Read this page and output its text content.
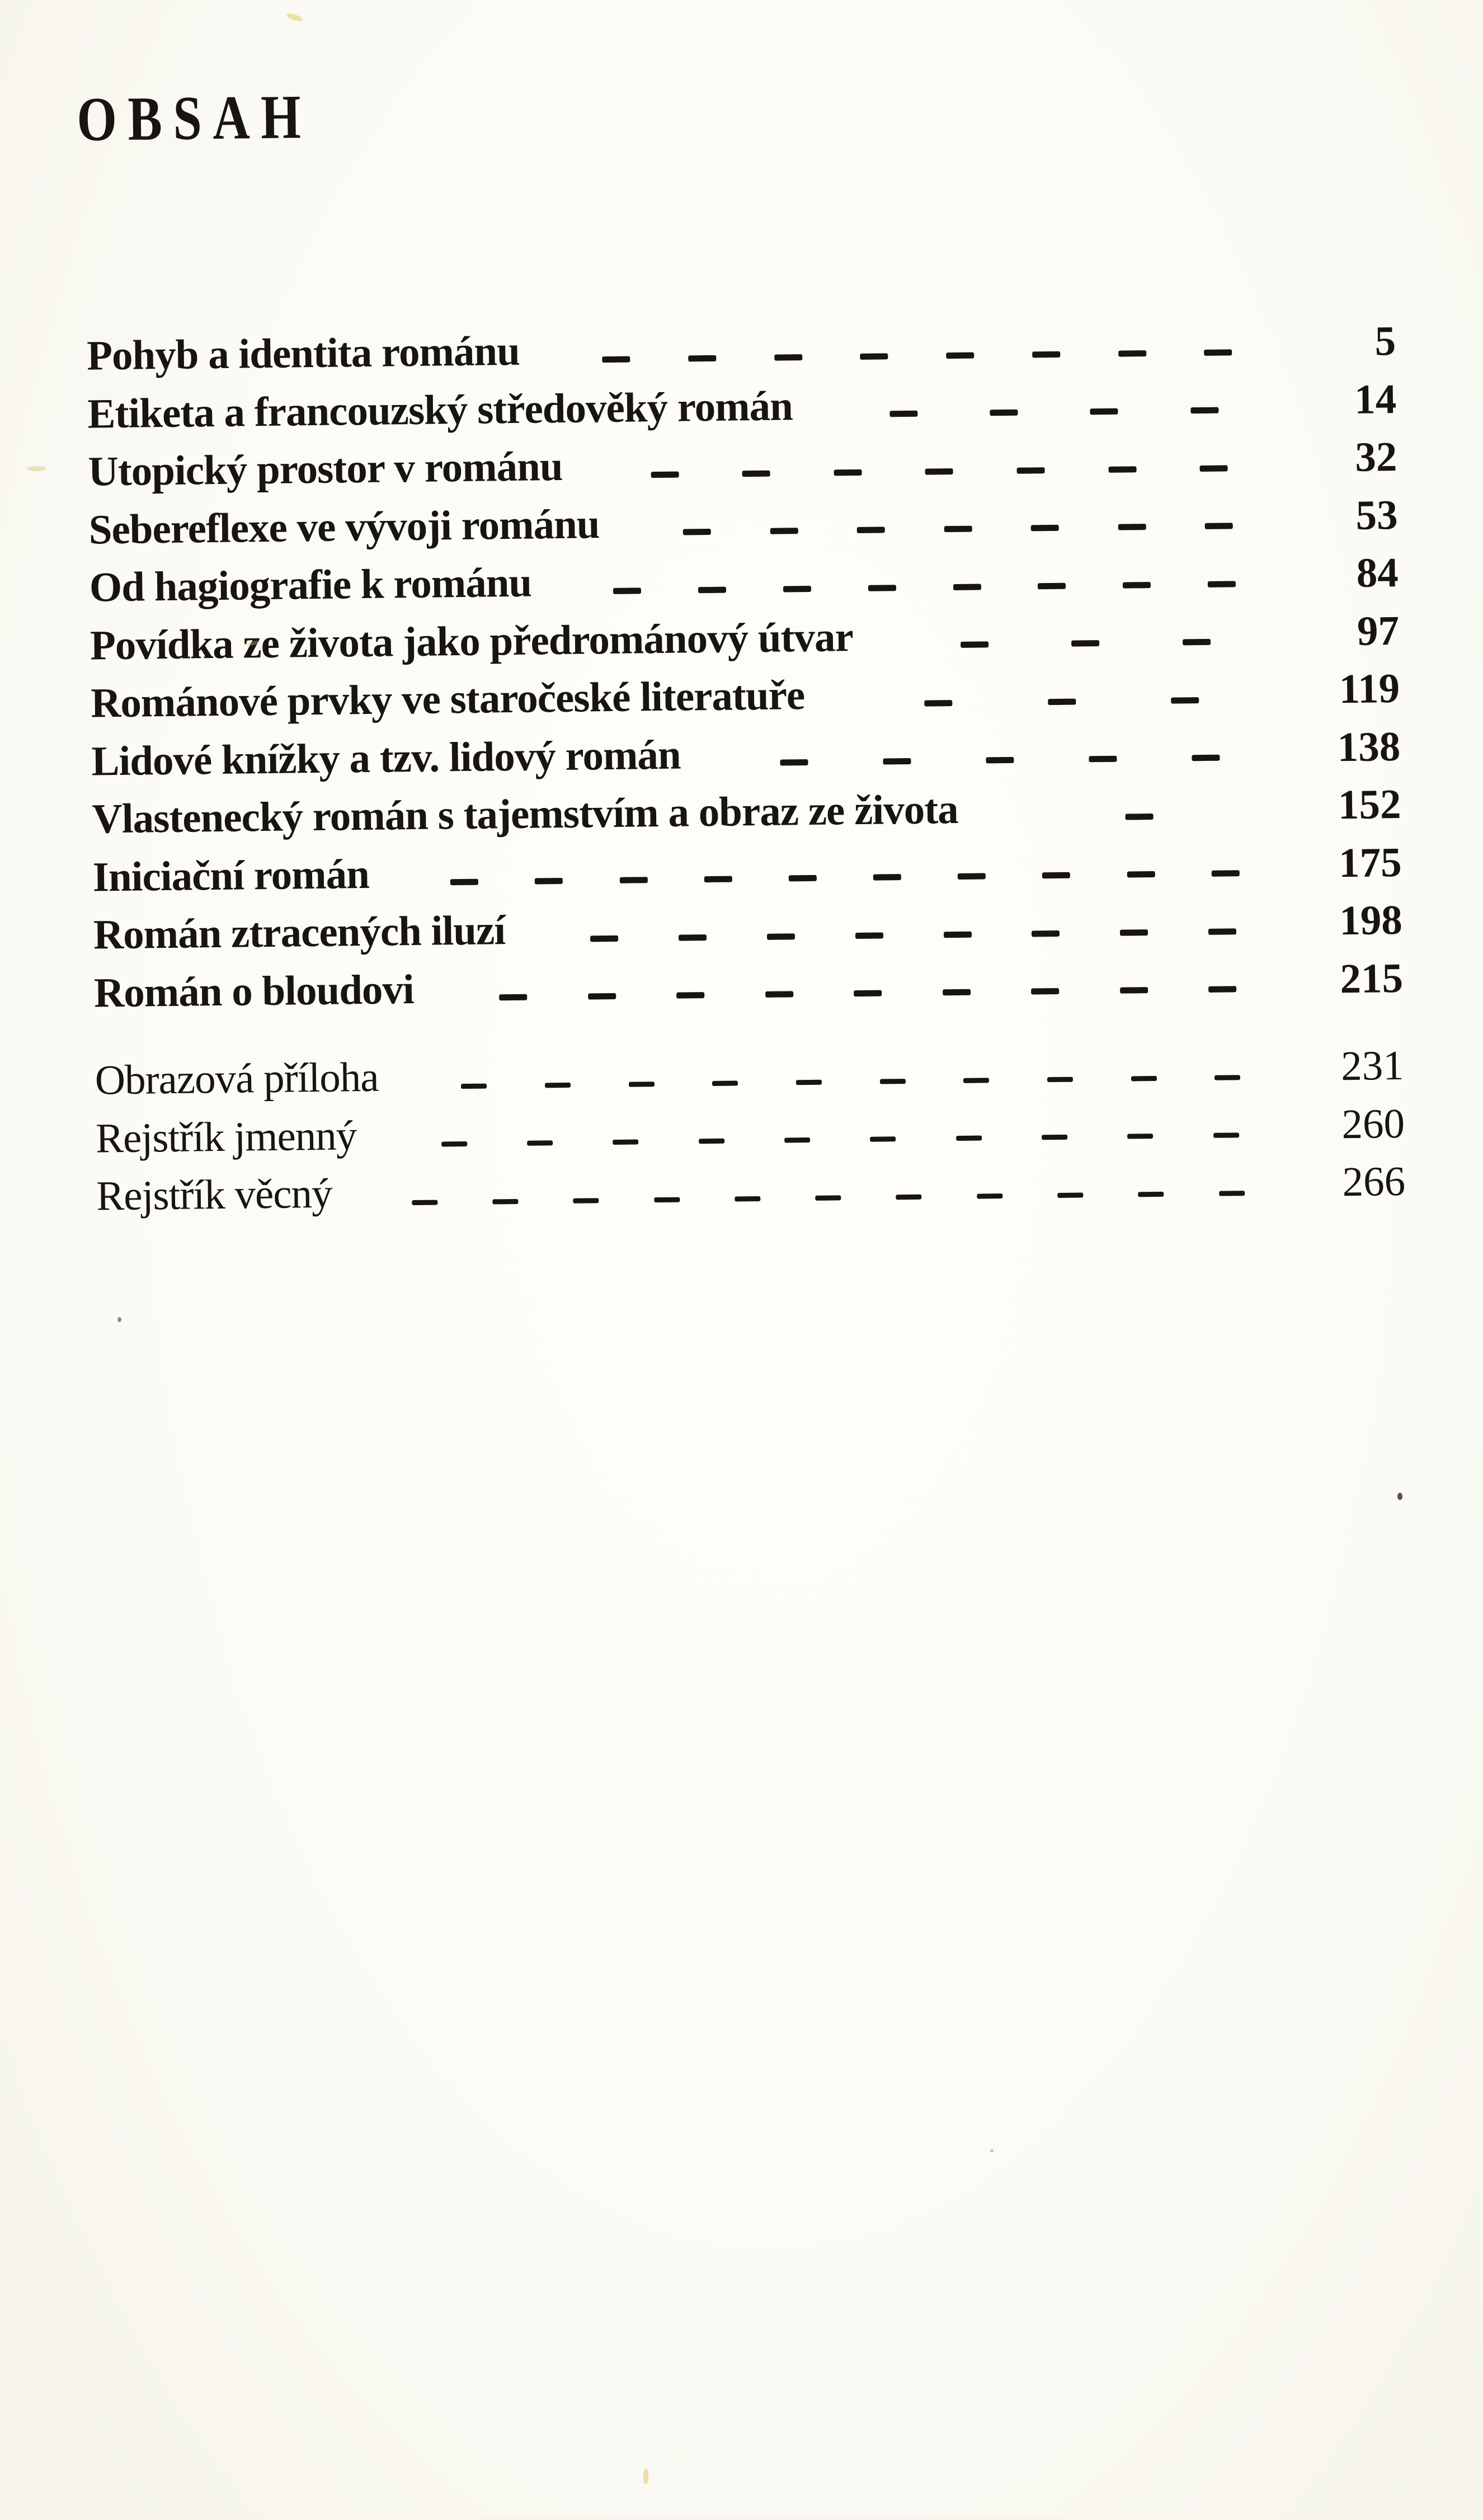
OBSAH
Pohyb a identita románu	5
Etiketa a francouzský středověký román	14
Utopický prostor v románu	32
Sebereflexe ve vývoji románu	53
Od hagiografie k románu	84
Povídka ze života jako předrománový útvar	97
Románové prvky ve staročeské literatuře	119
Lidové knížky a tzv. lidový román	138
Vlastenecký román s tajemstvím a obraz ze života	152
Iniciační román	175
Román ztracených iluzí	198
Román o bloudovi	215
Obrazová příloha	231
Rejstřík jmenný	260
Rejstřík věcný	266
